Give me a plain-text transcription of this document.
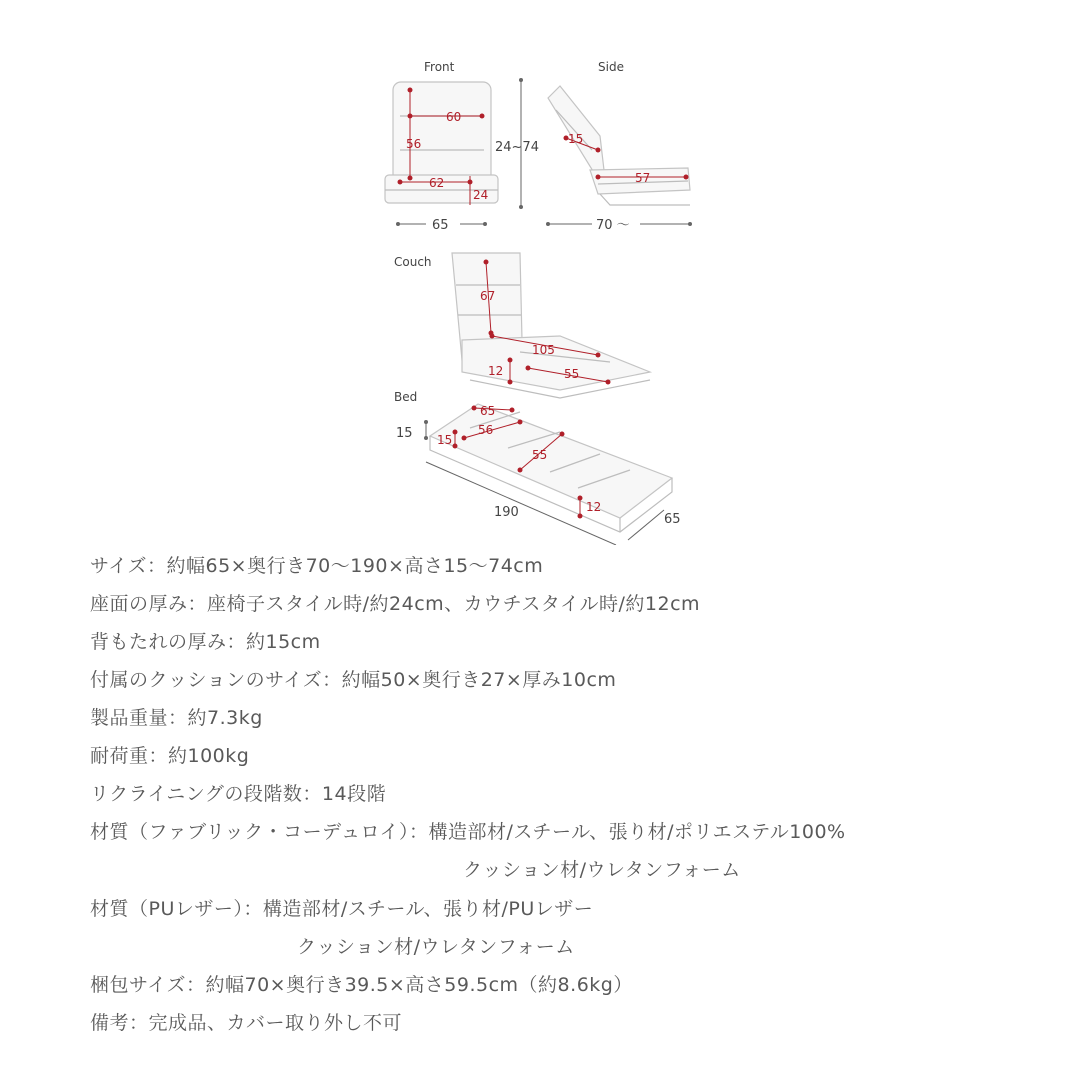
Front
60
56
62
24
24~74
65
Side
15
57
70 ～
Couch
67
105
12	55
Bed
15
65
56
15
55
12
190	65
サイズ：約幅65×奥行き70～190×高さ15～74cm
座面の厚み：座椅子スタイル時/約24cm、カウチスタイル時/約12cm
背もたれの厚み：約15cm
付属のクッションのサイズ：約幅50×奥行き27×厚み10cm
製品重量：約7.3kg
耐荷重：約100kg
リクライニングの段階数：14段階
材質（ファブリック・コーデュロイ）：構造部材/スチール、張り材/ポリエステル100%
クッション材/ウレタンフォーム
材質（PUレザー）：構造部材/スチール、張り材/PUレザー
クッション材/ウレタンフォーム
梱包サイズ：約幅70×奥行き39.5×高さ59.5cm（約8.6kg）
備考：完成品、カバー取り外し不可
